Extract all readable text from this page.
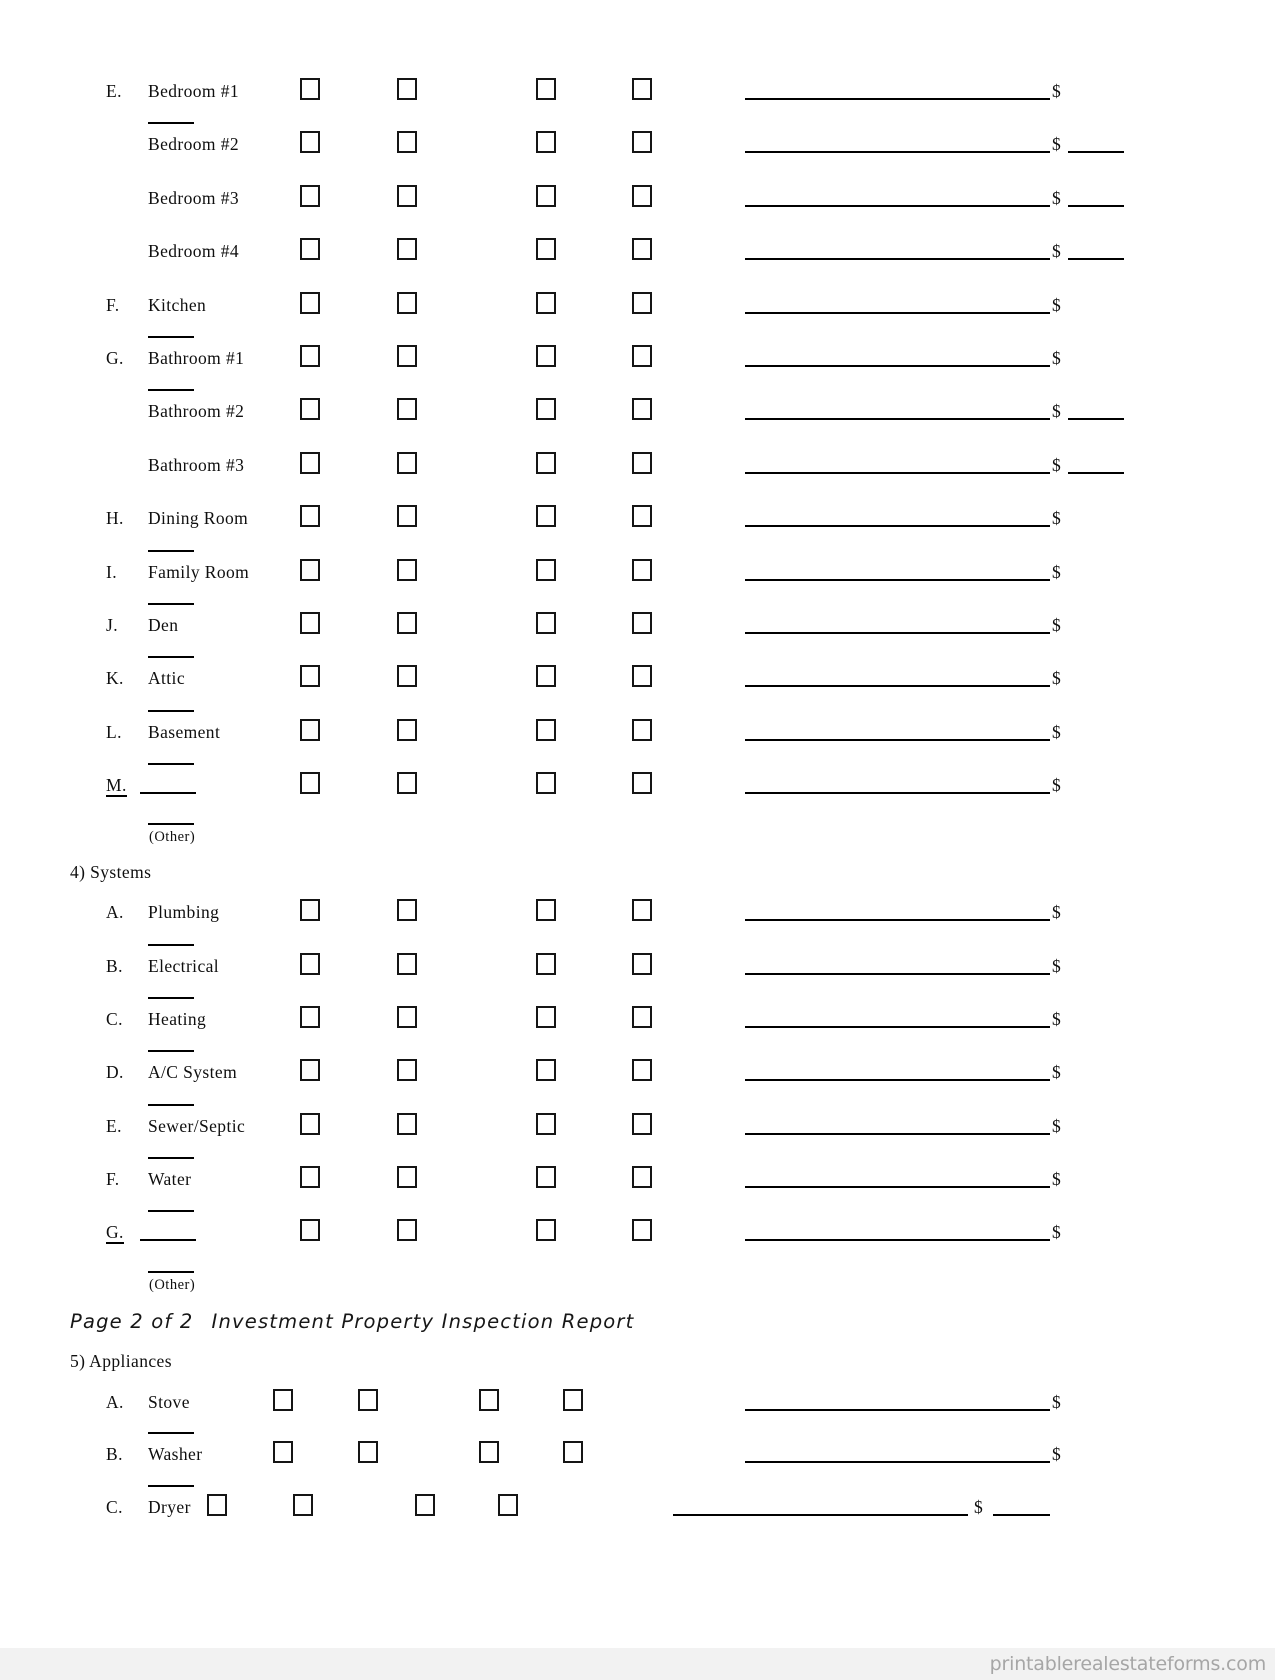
E. Bedroom #1	$
Bedroom #2	$
Bedroom #3	$
Bedroom #4	$
F. Kitchen	$
G. Bathroom #1	$
Bathroom #2	$
Bathroom #3	$
H. Dining Room	$
I. Family Room	$
J. Den	$
K. Attic	$
L. Basement	$
M.	$
(Other)
4) Systems
A. Plumbing	$
B. Electrical	$
C. Heating	$
D. A/C System	$
E. Sewer/Septic	$
F. Water	$
G.	$
(Other)
Page 2 of 2 Investment Property Inspection Report
5) Appliances
A. Stove	$
B. Washer	$
C. Dryer	$
printablerealestateforms.com
